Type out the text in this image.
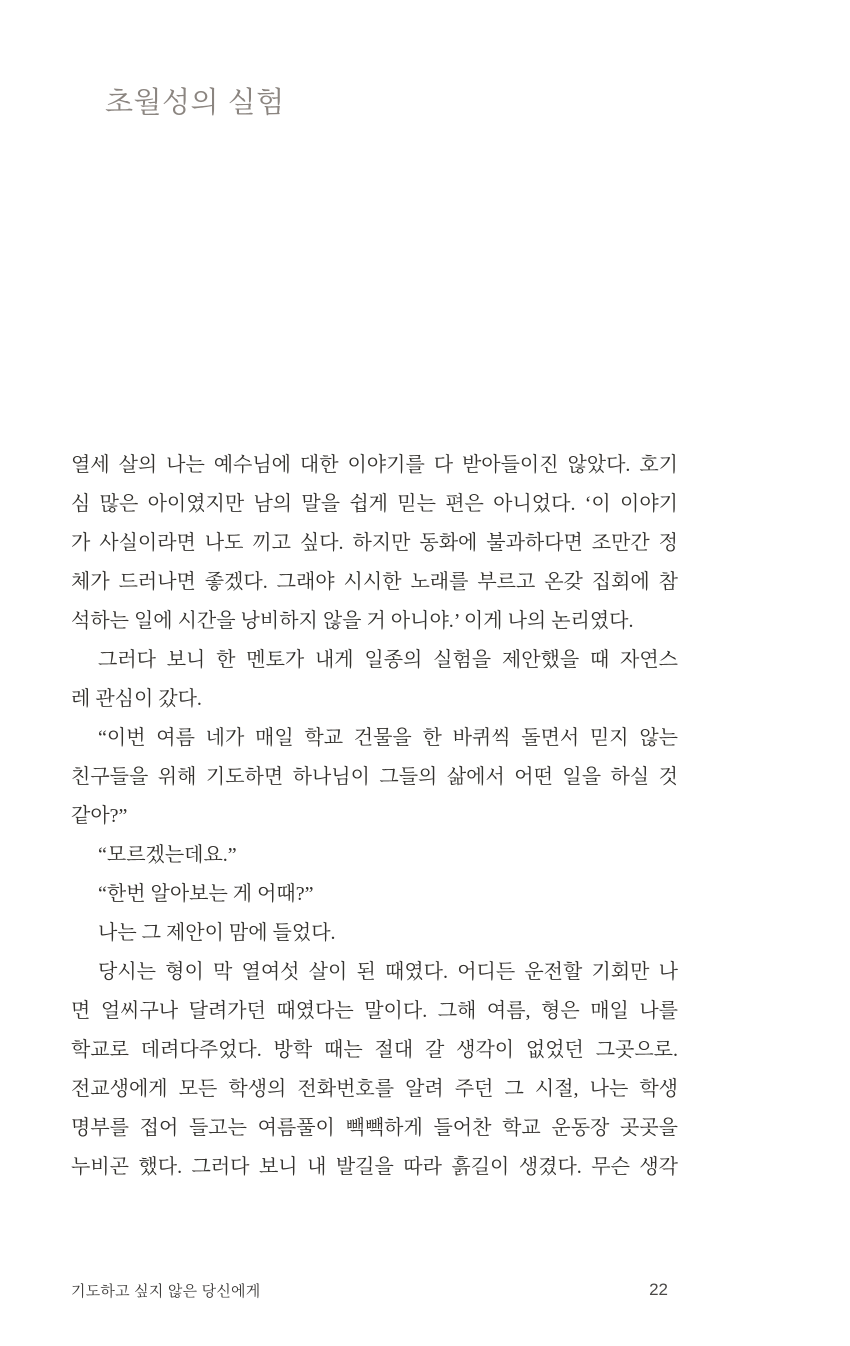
초월성의 실험
열세 살의 나는 예수님에 대한 이야기를 다 받아들이진 않았다. 호기
심 많은 아이였지만 남의 말을 쉽게 믿는 편은 아니었다. ‘이 이야기
가 사실이라면 나도 끼고 싶다. 하지만 동화에 불과하다면 조만간 정
체가 드러나면 좋겠다. 그래야 시시한 노래를 부르고 온갖 집회에 참
석하는 일에 시간을 낭비하지 않을 거 아니야.’ 이게 나의 논리였다.
그러다 보니 한 멘토가 내게 일종의 실험을 제안했을 때 자연스
레 관심이 갔다.
“이번 여름 네가 매일 학교 건물을 한 바퀴씩 돌면서 믿지 않는
친구들을 위해 기도하면 하나님이 그들의 삶에서 어떤 일을 하실 것
같아?”
“모르겠는데요.”
“한번 알아보는 게 어때?”
나는 그 제안이 맘에 들었다.
당시는 형이 막 열여섯 살이 된 때였다. 어디든 운전할 기회만 나
면 얼씨구나 달려가던 때였다는 말이다. 그해 여름, 형은 매일 나를
학교로 데려다주었다. 방학 때는 절대 갈 생각이 없었던 그곳으로.
전교생에게 모든 학생의 전화번호를 알려 주던 그 시절, 나는 학생
명부를 접어 들고는 여름풀이 빽빽하게 들어찬 학교 운동장 곳곳을
누비곤 했다. 그러다 보니 내 발길을 따라 흙길이 생겼다. 무슨 생각
기도하고 싶지 않은 당신에게	22
